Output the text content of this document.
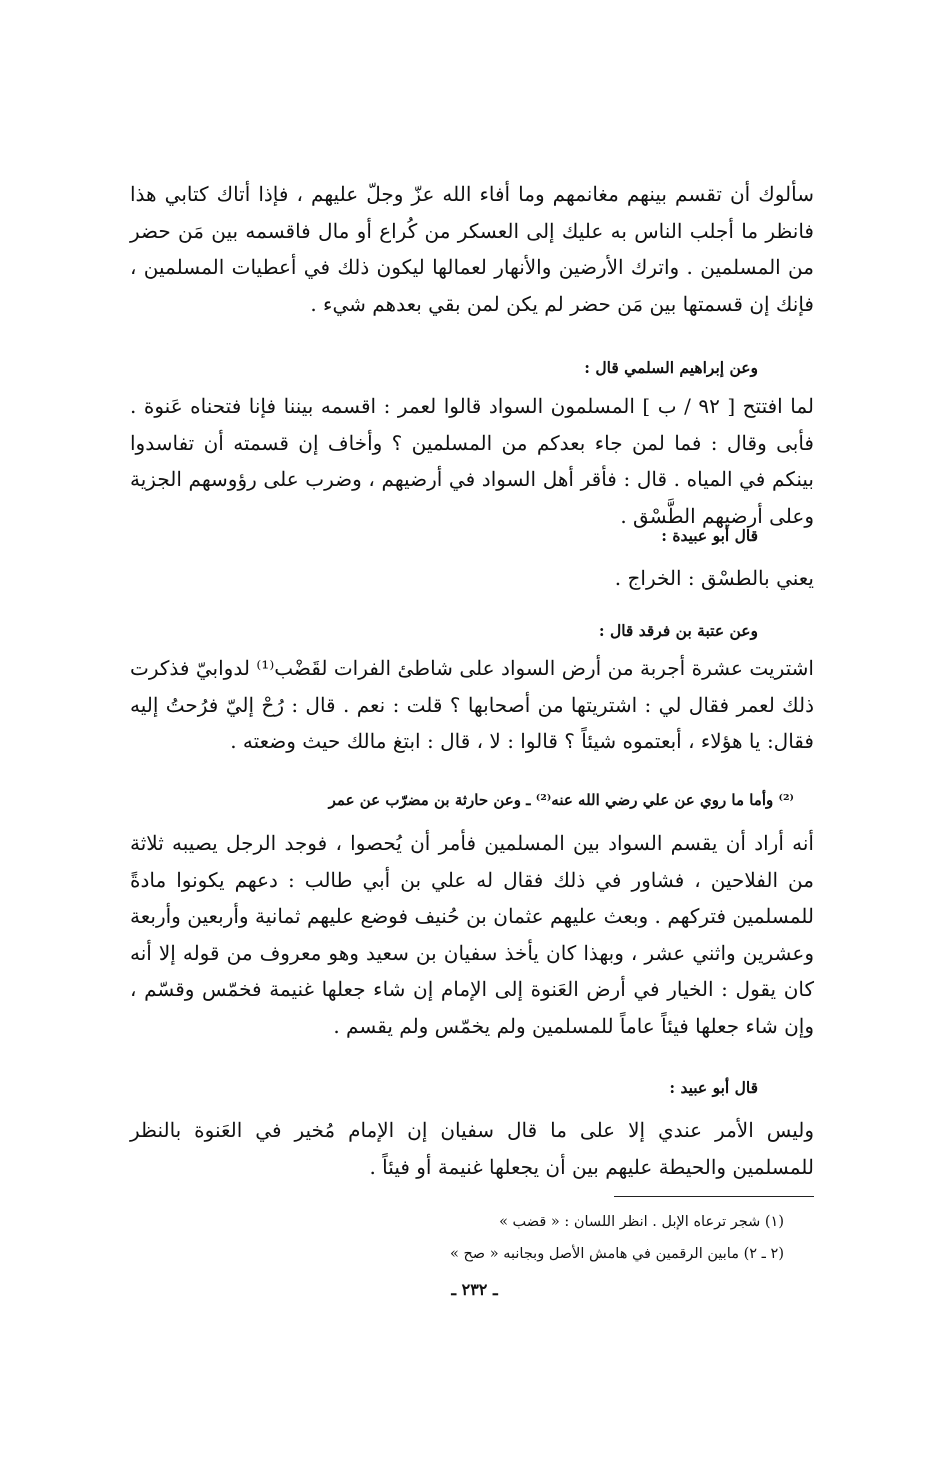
سألوك أن تقسم بينهم مغانمهم وما أفاء الله عزّ وجلّ عليهم ، فإذا أتاك كتابي هذا فانظر ما أجلب الناس به عليك إلى العسكر من كُراع أو مال فاقسمه بين مَن حضر من المسلمين . واترك الأرضين والأنهار لعمالها ليكون ذلك في أعطيات المسلمين ، فإنك إن قسمتها بين مَن حضر لم يكن لمن بقي بعدهم شيء .

وعن إبراهيم السلمي قال :

لما افتتح [ ٩٢ / ب ] المسلمون السواد قالوا لعمر : اقسمه بيننا فإنا فتحناه عَنوة . فأبى وقال : فما لمن جاء بعدكم من المسلمين ؟ وأخاف إن قسمته أن تفاسدوا بينكم في المياه . قال : فأقر أهل السواد في أرضيهم ، وضرب على رؤوسهم الجزية وعلى أرضيهم الطَّسْق .

قال أبو عبيدة :

يعني بالطسْق : الخراج .

وعن عتبة بن فرقد قال :

اشتريت عشرة أجربة من أرض السواد على شاطئ الفرات لقَضْب⁽¹⁾ لدوابيّ فذكرت ذلك لعمر فقال لي : اشتريتها من أصحابها ؟ قلت : نعم . قال : رُحْ إليّ فرُحتُ إليه فقال: يا هؤلاء ، أبعتموه شيئاً ؟ قالوا : لا ، قال : ابتغ مالك حيث وضعته .

⁽²⁾ وأما ما روي عن علي رضي الله عنه⁽²⁾ ـ وعن حارثة بن مضرّب عن عمر

أنه أراد أن يقسم السواد بين المسلمين فأمر أن يُحصوا ، فوجد الرجل يصيبه ثلاثة من الفلاحين ، فشاور في ذلك فقال له علي بن أبي طالب : دعهم يكونوا مادةً للمسلمين فتركهم . وبعث عليهم عثمان بن حُنيف فوضع عليهم ثمانية وأربعين وأربعة وعشرين واثني عشر ، وبهذا كان يأخذ سفيان بن سعيد وهو معروف من قوله إلا أنه كان يقول : الخيار في أرض العَنوة إلى الإمام إن شاء جعلها غنيمة فخمّس وقسّم ، وإن شاء جعلها فيئاً عاماً للمسلمين ولم يخمّس ولم يقسم .

قال أبو عبيد :

وليس الأمر عندي إلا على ما قال سفيان إن الإمام مُخير في العَنوة بالنظر للمسلمين والحيطة عليهم بين أن يجعلها غنيمة أو فيئاً .

(١) شجر ترعاه الإبل . انظر اللسان : « قضب »

(٢ ـ ٢) مابين الرقمين في هامش الأصل وبجانبه « صح »

ـ ٢٣٢ ـ
